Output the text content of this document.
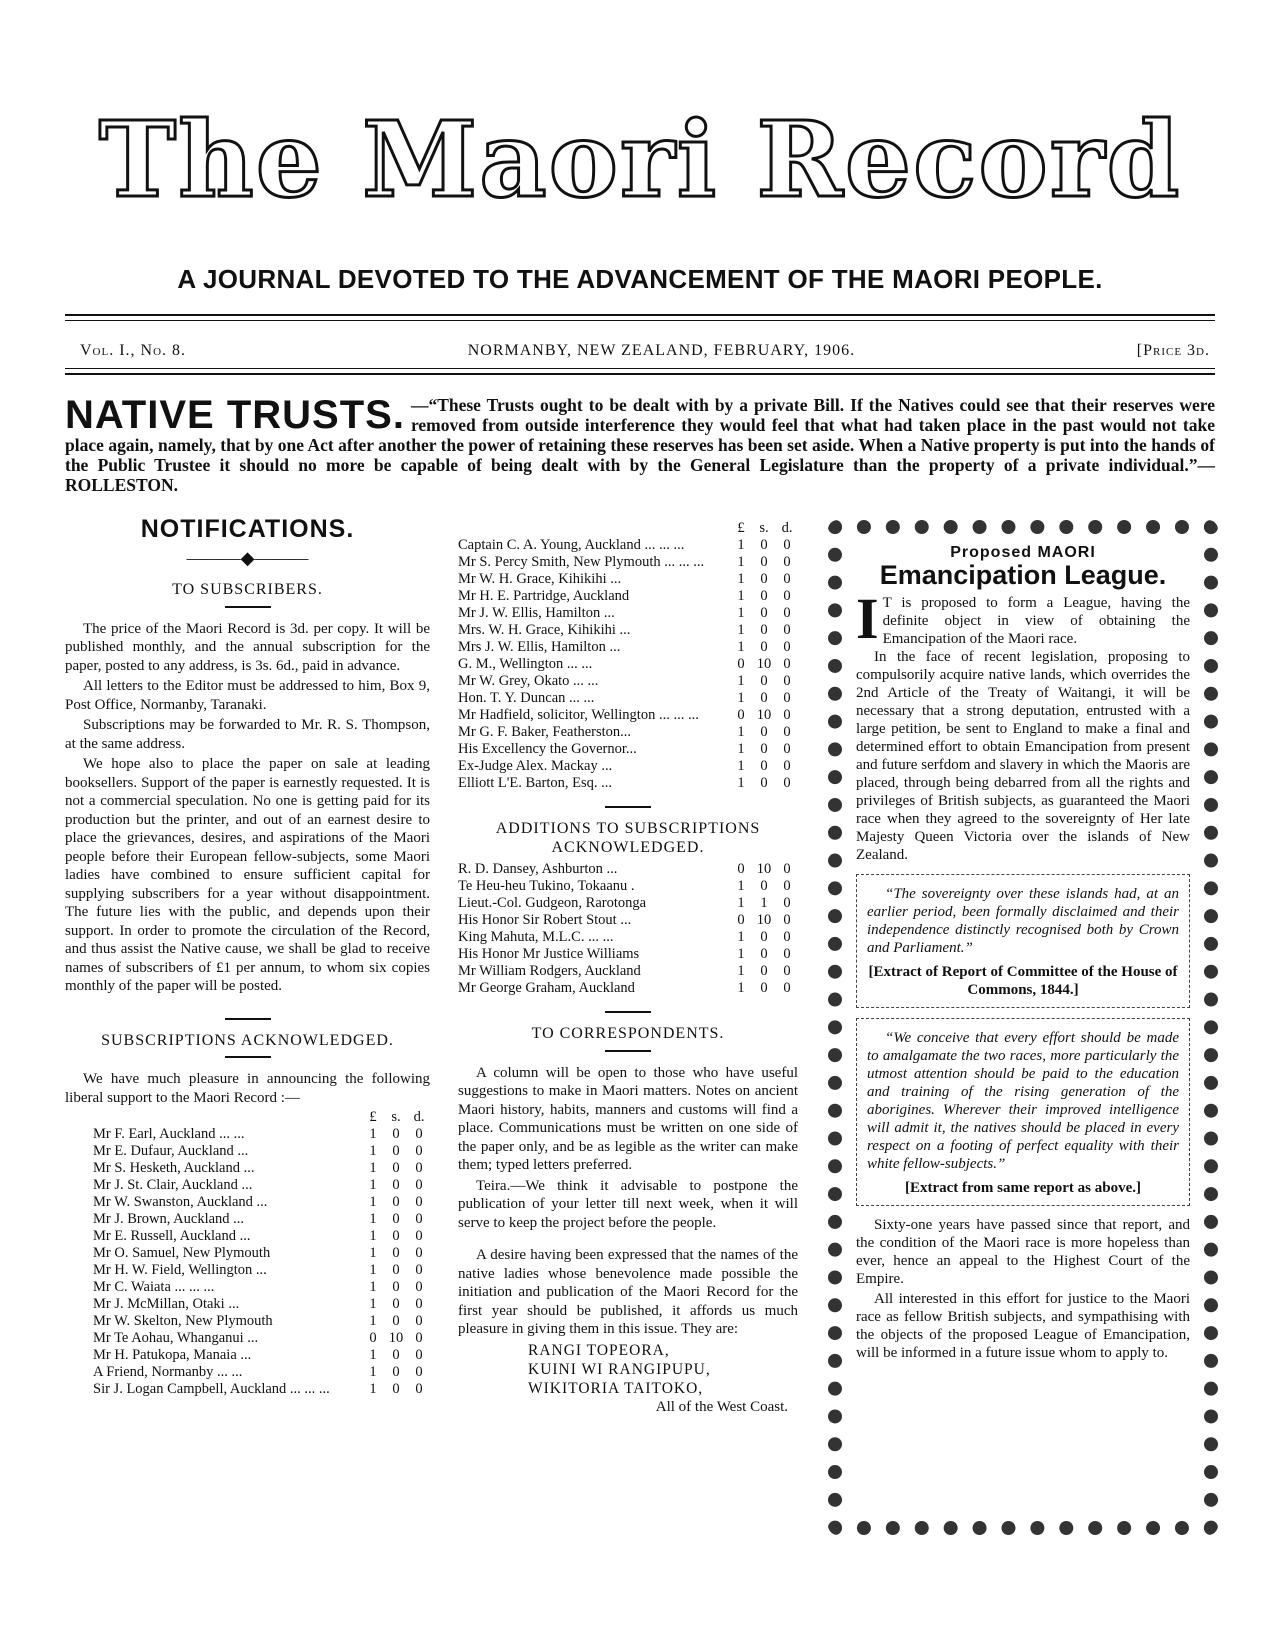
The Maori Record
A JOURNAL DEVOTED TO THE ADVANCEMENT OF THE MAORI PEOPLE.
Vol. I., No. 8.	NORMANBY, NEW ZEALAND, FEBRUARY, 1906.	[Price 3d.
NATIVE TRUSTS. —“These Trusts ought to be dealt with by a private Bill. If the Natives could see that their reserves were removed from outside interference they would feel that what had taken place in the past would not take place again, namely, that by one Act after another the power of retaining these reserves has been set aside. When a Native property is put into the hands of the Public Trustee it should no more be capable of being dealt with by the General Legislature than the property of a private individual.”—ROLLESTON.
NOTIFICATIONS.
———◆———
TO SUBSCRIBERS.

The price of the Maori Record is 3d. per copy. It will be published monthly, and the annual subscription for the paper, posted to any address, is 3s. 6d., paid in advance.

All letters to the Editor must be addressed to him, Box 9, Post Office, Normanby, Taranaki.

Subscriptions may be forwarded to Mr. R. S. Thompson, at the same address.

We hope also to place the paper on sale at leading booksellers. Support of the paper is earnestly requested. It is not a commercial speculation. No one is getting paid for its production but the printer, and out of an earnest desire to place the grievances, desires, and aspirations of the Maori people before their European fellow-subjects, some Maori ladies have combined to ensure sufficient capital for supplying subscribers for a year without disappointment. The future lies with the public, and depends upon their support. In order to promote the circulation of the Record, and thus assist the Native cause, we shall be glad to receive names of subscribers of £1 per annum, to whom six copies monthly of the paper will be posted.

SUBSCRIPTIONS ACKNOWLEDGED.

We have much pleasure in announcing the following liberal support to the Maori Record :—

	£	s.	d.
Mr F. Earl, Auckland ... ...	1	0	0
Mr E. Dufaur, Auckland ...	1	0	0
Mr S. Hesketh, Auckland ...	1	0	0
Mr J. St. Clair, Auckland ...	1	0	0
Mr W. Swanston, Auckland ...	1	0	0
Mr J. Brown, Auckland ...	1	0	0
Mr E. Russell, Auckland ...	1	0	0
Mr O. Samuel, New Plymouth	1	0	0
Mr H. W. Field, Wellington ...	1	0	0
Mr C. Waiata ... ... ...	1	0	0
Mr J. McMillan, Otaki ...	1	0	0
Mr W. Skelton, New Plymouth	1	0	0
Mr Te Aohau, Whanganui ...	0	10	0
Mr H. Patukopa, Manaia ...	1	0	0
A Friend, Normanby ... ...	1	0	0
Sir J. Logan Campbell, Auckland ... ... ...	1	0	0
	£	s.	d.
Captain C. A. Young, Auckland ... ... ...	1	0	0
Mr S. Percy Smith, New Plymouth ... ... ...	1	0	0
Mr W. H. Grace, Kihikihi ...	1	0	0
Mr H. E. Partridge, Auckland	1	0	0
Mr J. W. Ellis, Hamilton ...	1	0	0
Mrs. W. H. Grace, Kihikihi ...	1	0	0
Mrs J. W. Ellis, Hamilton ...	1	0	0
G. M., Wellington ... ...	0	10	0
Mr W. Grey, Okato ... ...	1	0	0
Hon. T. Y. Duncan ... ...	1	0	0
Mr Hadfield, solicitor, Wellington ... ... ...	0	10	0
Mr G. F. Baker, Featherston...	1	0	0
His Excellency the Governor...	1	0	0
Ex-Judge Alex. Mackay ...	1	0	0
Elliott L'E. Barton, Esq. ...	1	0	0
ADDITIONS TO SUBSCRIPTIONS ACKNOWLEDGED.

R. D. Dansey, Ashburton ...	0	10	0
Te Heu-heu Tukino, Tokaanu .	1	0	0
Lieut.-Col. Gudgeon, Rarotonga	1	1	0
His Honor Sir Robert Stout ...	0	10	0
King Mahuta, M.L.C. ... ...	1	0	0
His Honor Mr Justice Williams	1	0	0
Mr William Rodgers, Auckland	1	0	0
Mr George Graham, Auckland	1	0	0
TO CORRESPONDENTS.

A column will be open to those who have useful suggestions to make in Maori matters. Notes on ancient Maori history, habits, manners and customs will find a place. Communications must be written on one side of the paper only, and be as legible as the writer can make them; typed letters preferred.

Teira.—We think it advisable to postpone the publication of your letter till next week, when it will serve to keep the project before the people.

A desire having been expressed that the names of the native ladies whose benevolence made possible the initiation and publication of the Maori Record for the first year should be published, it affords us much pleasure in giving them in this issue. They are:

RANGI TOPEORA,
KUINI WI RANGIPUPU,
WIKITORIA TAITOKO,
All of the West Coast.
Proposed MAORI
Emancipation League.
I T is proposed to form a League, having the definite object in view of obtaining the Emancipation of the Maori race.

In the face of recent legislation, proposing to compulsorily acquire native lands, which overrides the 2nd Article of the Treaty of Waitangi, it will be necessary that a strong deputation, entrusted with a large petition, be sent to England to make a final and determined effort to obtain Emancipation from present and future serfdom and slavery in which the Maoris are placed, through being debarred from all the rights and privileges of British subjects, as guaranteed the Maori race when they agreed to the sovereignty of Her late Majesty Queen Victoria over the islands of New Zealand.

“The sovereignty over these islands had, at an earlier period, been formally disclaimed and their independence distinctly recognised both by Crown and Parliament.”

[Extract of Report of Committee of the House of Commons, 1844.]

“We conceive that every effort should be made to amalgamate the two races, more particularly the utmost attention should be paid to the education and training of the rising generation of the aborigines. Wherever their improved intelligence will admit it, the natives should be placed in every respect on a footing of perfect equality with their white fellow-subjects.”

[Extract from same report as above.]

Sixty-one years have passed since that report, and the condition of the Maori race is more hopeless than ever, hence an appeal to the Highest Court of the Empire.

All interested in this effort for justice to the Maori race as fellow British subjects, and sympathising with the objects of the proposed League of Emancipation, will be informed in a future issue whom to apply to.
